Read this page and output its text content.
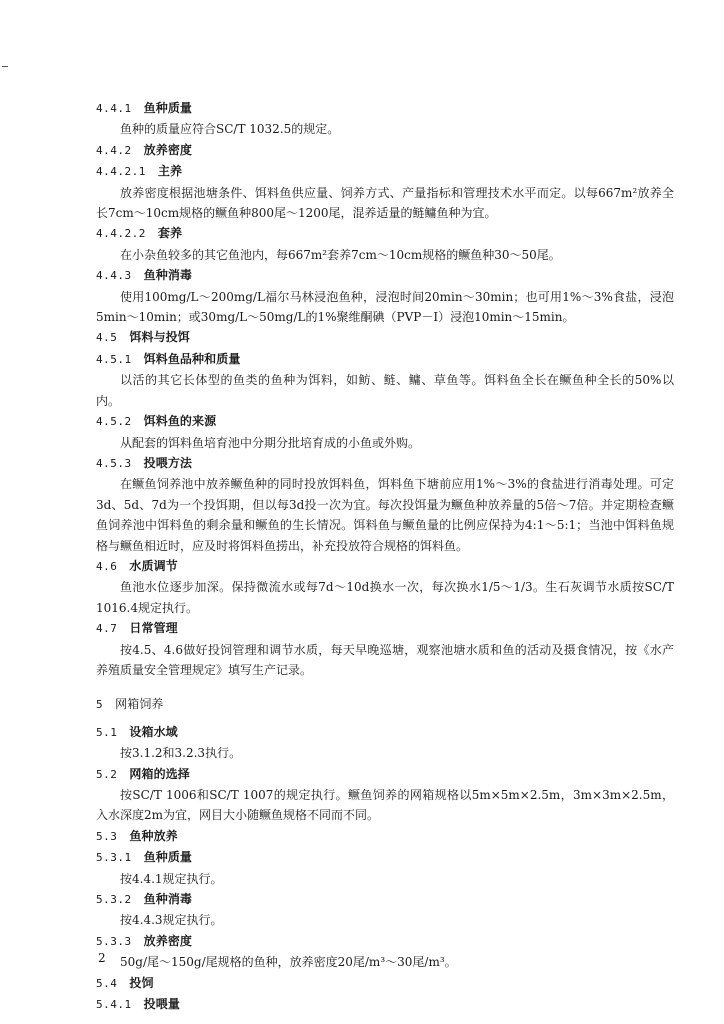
4.4.1 鱼种质量
鱼种的质量应符合SC/T 1032.5的规定。
4.4.2 放养密度
4.4.2.1 主养
放养密度根据池塘条件、饵料鱼供应量、饲养方式、产量指标和管理技术水平而定。以每667m²放养全长7cm～10cm规格的鳜鱼种800尾～1200尾，混养适量的鲢鳙鱼种为宜。
4.4.2.2 套养
在小杂鱼较多的其它鱼池内，每667m²套养7cm～10cm规格的鳜鱼种30～50尾。
4.4.3 鱼种消毒
使用100mg/L～200mg/L福尔马林浸泡鱼种，浸泡时间20min～30min；也可用1%～3%食盐，浸泡5min～10min；或30mg/L～50mg/L的1%聚维酮碘（PVP－I）浸泡10min～15min。
4.5 饵料与投饵
4.5.1 饵料鱼品种和质量
以活的其它长体型的鱼类的鱼种为饵料，如鲂、鲢、鳙、草鱼等。饵料鱼全长在鳜鱼种全长的50%以内。
4.5.2 饵料鱼的来源
从配套的饵料鱼培育池中分期分批培育成的小鱼或外购。
4.5.3 投喂方法
在鳜鱼饲养池中放养鳜鱼种的同时投放饵料鱼，饵料鱼下塘前应用1%～3%的食盐进行消毒处理。可定3d、5d、7d为一个投饵期，但以每3d投一次为宜。每次投饵量为鳜鱼种放养量的5倍～7倍。并定期检查鳜鱼饲养池中饵料鱼的剩余量和鳜鱼的生长情况。饵料鱼与鳜鱼量的比例应保持为4:1～5:1；当池中饵料鱼规格与鳜鱼相近时，应及时将饵料鱼捞出，补充投放符合规格的饵料鱼。
4.6 水质调节
鱼池水位逐步加深。保持微流水或每7d～10d换水一次，每次换水1/5～1/3。生石灰调节水质按SC/T 1016.4规定执行。
4.7 日常管理
按4.5、4.6做好投饲管理和调节水质，每天早晚巡塘，观察池塘水质和鱼的活动及摄食情况，按《水产养殖质量安全管理规定》填写生产记录。
5 网箱饲养
5.1 设箱水域
按3.1.2和3.2.3执行。
5.2 网箱的选择
按SC/T 1006和SC/T 1007的规定执行。鳜鱼饲养的网箱规格以5m×5m×2.5m，3m×3m×2.5m，入水深度2m为宜，网目大小随鳜鱼规格不同而不同。
5.3 鱼种放养
5.3.1 鱼种质量
按4.4.1规定执行。
5.3.2 鱼种消毒
按4.4.3规定执行。
5.3.3 放养密度
50g/尾～150g/尾规格的鱼种，放养密度20尾/m³～30尾/m³。
5.4 投饲
5.4.1 投喂量
2
